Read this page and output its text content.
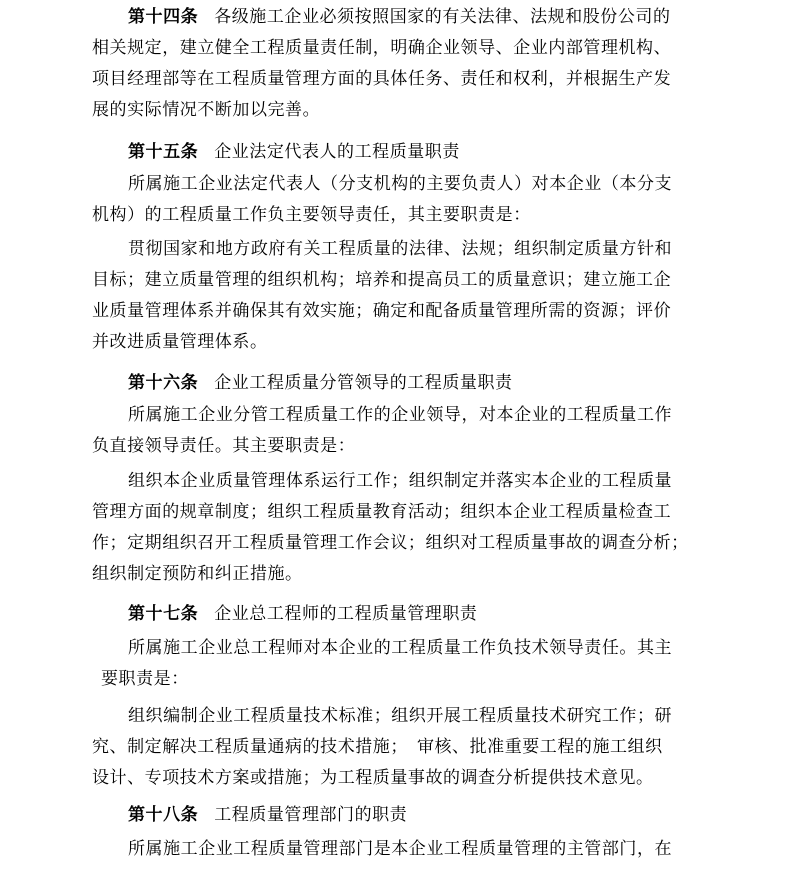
第十四条 各级施工企业必须按照国家的有关法律、法规和股份公司的
相关规定，建立健全工程质量责任制，明确企业领导、企业内部管理机构、
项目经理部等在工程质量管理方面的具体任务、责任和权利，并根据生产发
展的实际情况不断加以完善。
第十五条 企业法定代表人的工程质量职责
所属施工企业法定代表人（分支机构的主要负责人）对本企业（本分支
机构）的工程质量工作负主要领导责任，其主要职责是：
贯彻国家和地方政府有关工程质量的法律、法规；组织制定质量方针和
目标；建立质量管理的组织机构；培养和提高员工的质量意识；建立施工企
业质量管理体系并确保其有效实施；确定和配备质量管理所需的资源；评价
并改进质量管理体系。
第十六条 企业工程质量分管领导的工程质量职责
所属施工企业分管工程质量工作的企业领导，对本企业的工程质量工作
负直接领导责任。其主要职责是：
组织本企业质量管理体系运行工作；组织制定并落实本企业的工程质量
管理方面的规章制度；组织工程质量教育活动；组织本企业工程质量检查工
作；定期组织召开工程质量管理工作会议；组织对工程质量事故的调查分析；
组织制定预防和纠正措施。
第十七条 企业总工程师的工程质量管理职责
所属施工企业总工程师对本企业的工程质量工作负技术领导责任。其主
要职责是：
组织编制企业工程质量技术标准；组织开展工程质量技术研究工作；研
究、制定解决工程质量通病的技术措施；　审核、批准重要工程的施工组织
设计、专项技术方案或措施；为工程质量事故的调查分析提供技术意见。
第十八条 工程质量管理部门的职责
所属施工企业工程质量管理部门是本企业工程质量管理的主管部门，在
